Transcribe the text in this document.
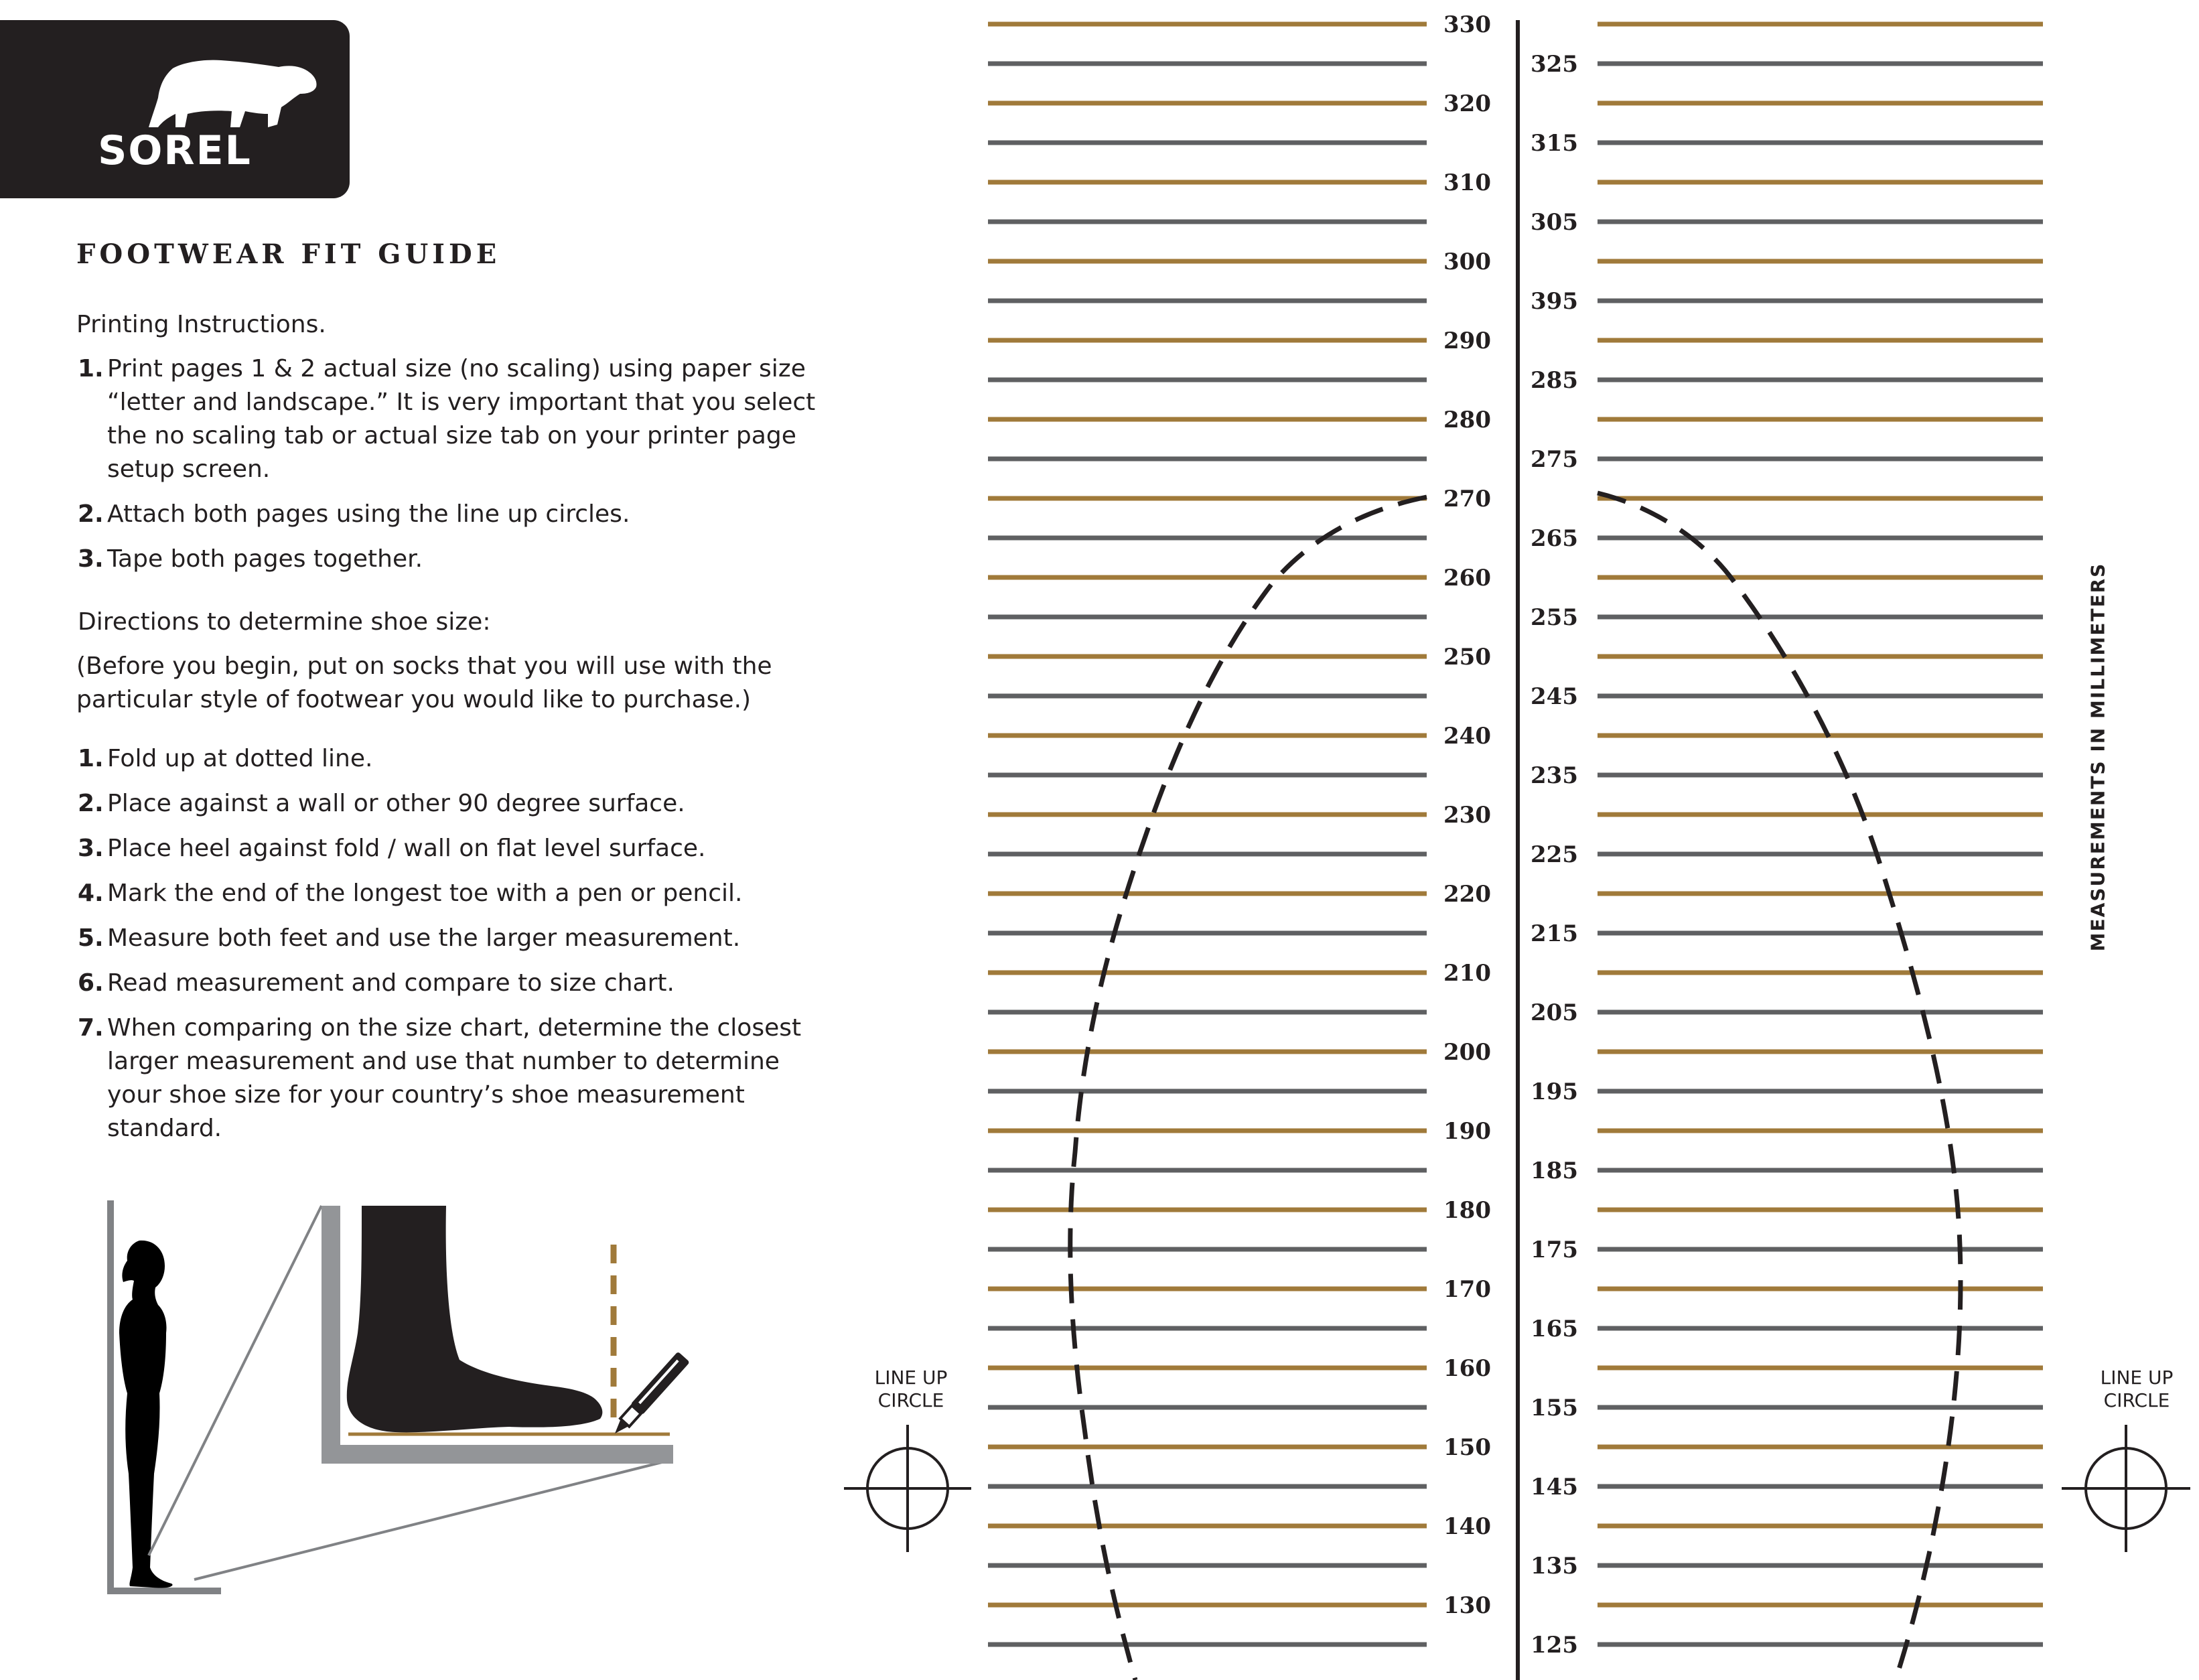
SOREL
FOOTWEAR FIT GUIDE
Printing Instructions.
1. Print pages 1 & 2 actual size (no scaling) using paper size “letter and landscape.” It is very important that you select the no scaling tab or actual size tab on your printer page setup screen.
2. Attach both pages using the line up circles.
3. Tape both pages together.
Directions to determine shoe size:
(Before you begin, put on socks that you will use with the particular style of footwear you would like to purchase.)
1. Fold up at dotted line.
2. Place against a wall or other 90 degree surface.
3. Place heel against fold / wall on flat level surface.
4. Mark the end of the longest toe with a pen or pencil.
5. Measure both feet and use the larger measurement.
6. Read measurement and compare to size chart.
7. When comparing on the size chart, determine the closest larger measurement and use that number to determine your shoe size for your country’s shoe measurement standard.
330
320
310
300
290
280
270
260
250
240
230
220
210
200
190
180
170
160
150
140
130
325
315
305
395
285
275
265
255
245
235
225
215
205
195
185
175
165
155
145
135
125
LINE UP CIRCLE
LINE UP CIRCLE
MEASUREMENTS IN MILLIMETERS
